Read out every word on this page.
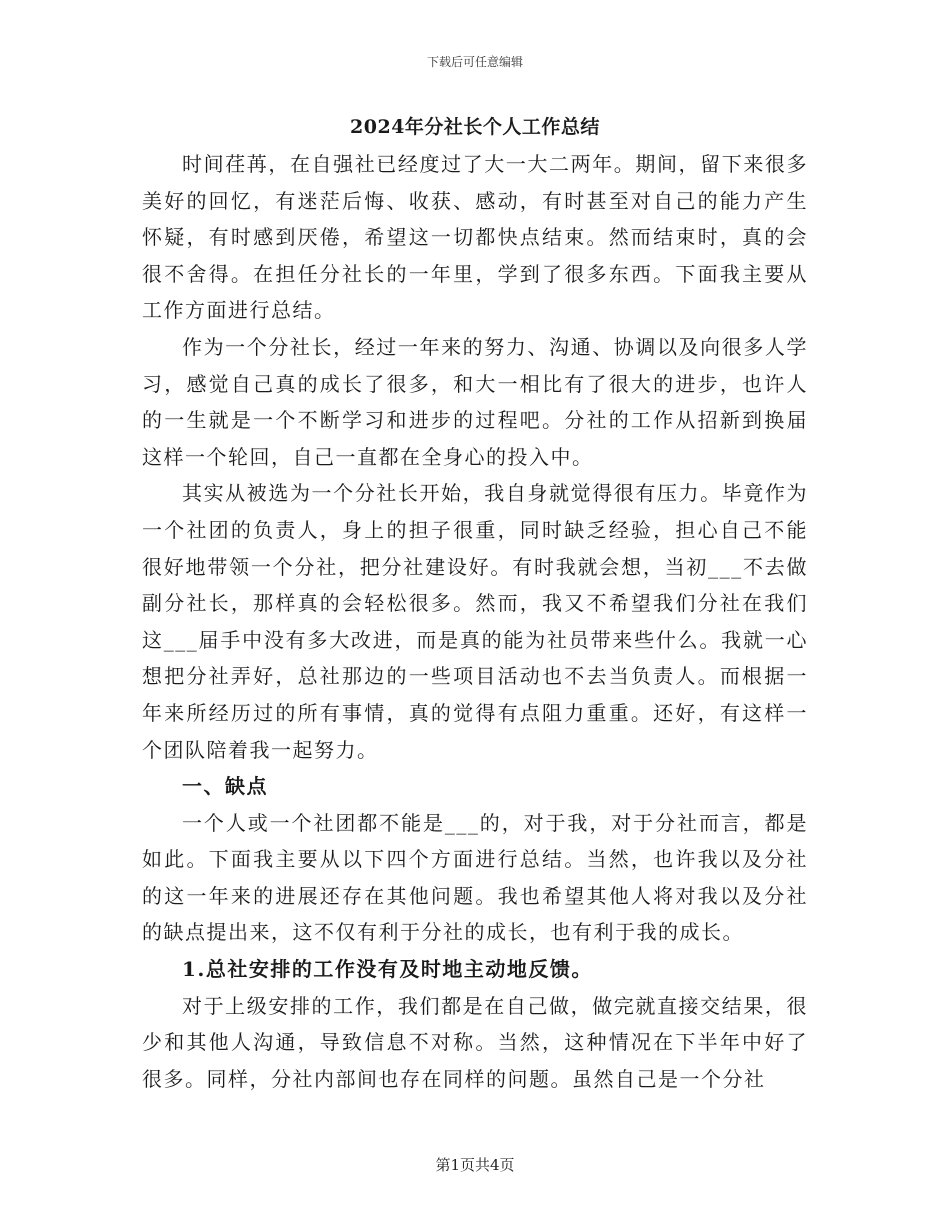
下载后可任意编辑
2024年分社长个人工作总结

时间荏苒，在自强社已经度过了大一大二两年。期间，留下来很多美好的回忆，有迷茫后悔、收获、感动，有时甚至对自己的能力产生怀疑，有时感到厌倦，希望这一切都快点结束。然而结束时，真的会很不舍得。在担任分社长的一年里，学到了很多东西。下面我主要从工作方面进行总结。

作为一个分社长，经过一年来的努力、沟通、协调以及向很多人学习，感觉自己真的成长了很多，和大一相比有了很大的进步，也许人的一生就是一个不断学习和进步的过程吧。分社的工作从招新到换届这样一个轮回，自己一直都在全身心的投入中。

其实从被选为一个分社长开始，我自身就觉得很有压力。毕竟作为一个社团的负责人，身上的担子很重，同时缺乏经验，担心自己不能很好地带领一个分社，把分社建设好。有时我就会想，当初___不去做副分社长，那样真的会轻松很多。然而，我又不希望我们分社在我们这___届手中没有多大改进，而是真的能为社员带来些什么。我就一心想把分社弄好，总社那边的一些项目活动也不去当负责人。而根据一年来所经历过的所有事情，真的觉得有点阻力重重。还好，有这样一个团队陪着我一起努力。

一、缺点

一个人或一个社团都不能是___的，对于我，对于分社而言，都是如此。下面我主要从以下四个方面进行总结。当然，也许我以及分社的这一年来的进展还存在其他问题。我也希望其他人将对我以及分社的缺点提出来，这不仅有利于分社的成长，也有利于我的成长。

1.总社安排的工作没有及时地主动地反馈。

对于上级安排的工作，我们都是在自己做，做完就直接交结果，很少和其他人沟通，导致信息不对称。当然，这种情况在下半年中好了很多。同样，分社内部间也存在同样的问题。虽然自己是一个分社

第1页共4页
